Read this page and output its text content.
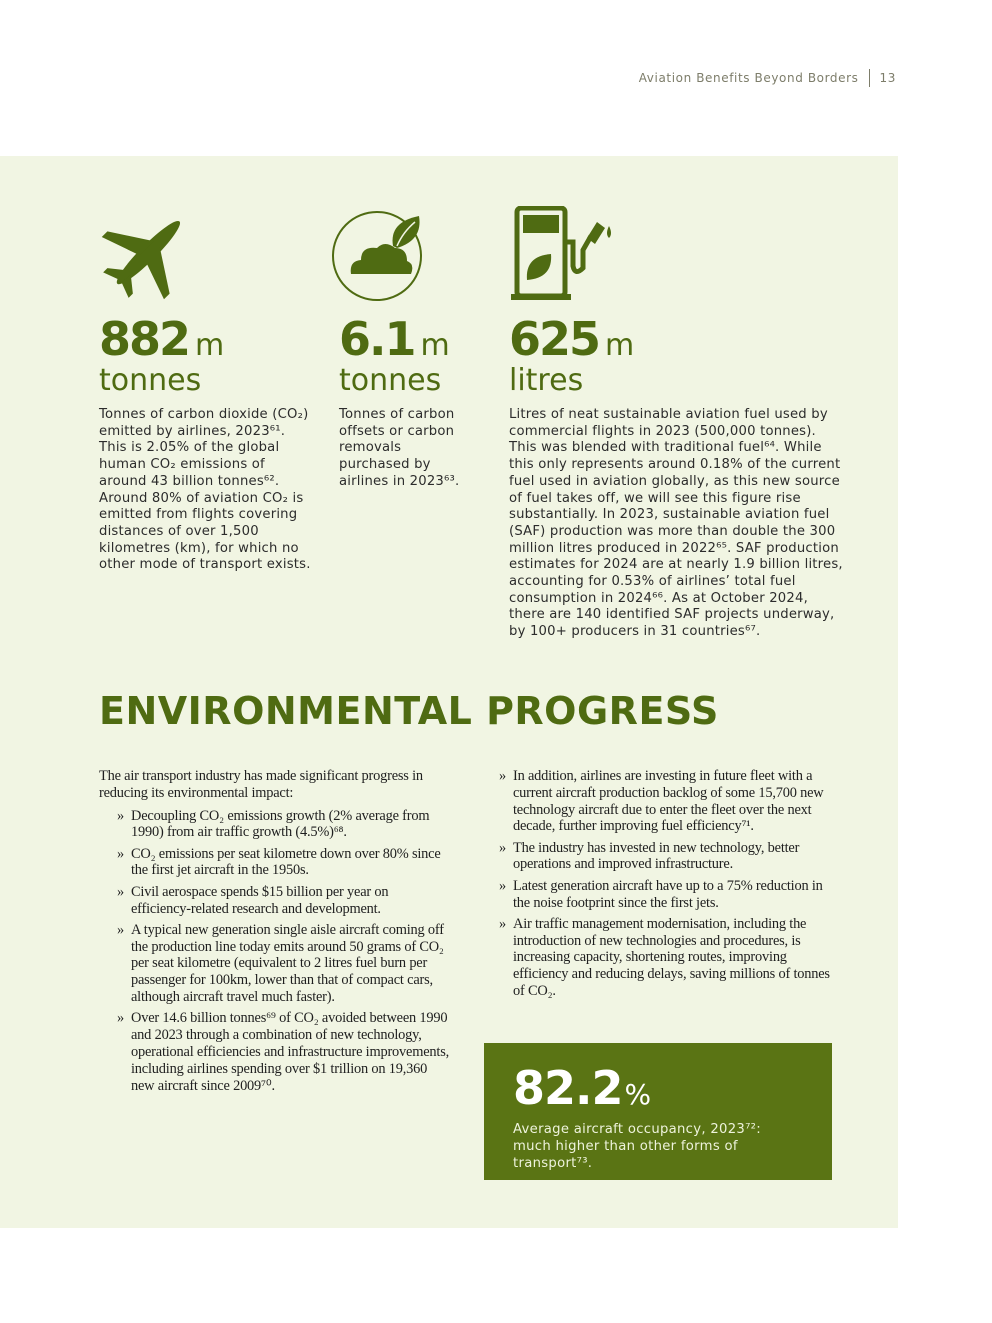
Aviation Benefits Beyond Borders 13
882 m
tonnes
Tonnes of carbon dioxide (CO₂) emitted by airlines, 2023⁶¹. This is 2.05% of the global human CO₂ emissions of around 43 billion tonnes⁶². Around 80% of aviation CO₂ is emitted from flights covering distances of over 1,500 kilometres (km), for which no other mode of transport exists.
6.1 m
tonnes
Tonnes of carbon offsets or carbon removals purchased by airlines in 2023⁶³.
625 m
litres
Litres of neat sustainable aviation fuel used by commercial flights in 2023 (500,000 tonnes). This was blended with traditional fuel⁶⁴. While this only represents around 0.18% of the current fuel used in aviation globally, as this new source of fuel takes off, we will see this figure rise substantially. In 2023, sustainable aviation fuel (SAF) production was more than double the 300 million litres produced in 2022⁶⁵. SAF production estimates for 2024 are at nearly 1.9 billion litres, accounting for 0.53% of airlines’ total fuel consumption in 2024⁶⁶. As at October 2024, there are 140 identified SAF projects underway, by 100+ producers in 31 countries⁶⁷.
ENVIRONMENTAL PROGRESS

The air transport industry has made significant progress in reducing its environmental impact:

» Decoupling CO₂ emissions growth (2% average from 1990) from air traffic growth (4.5%)⁶⁸.
» CO₂ emissions per seat kilometre down over 80% since the first jet aircraft in the 1950s.
» Civil aerospace spends $15 billion per year on efficiency-related research and development.
» A typical new generation single aisle aircraft coming off the production line today emits around 50 grams of CO₂ per seat kilometre (equivalent to 2 litres fuel burn per passenger for 100km, lower than that of compact cars, although aircraft travel much faster).
» Over 14.6 billion tonnes⁶⁹ of CO₂ avoided between 1990 and 2023 through a combination of new technology, operational efficiencies and infrastructure improvements, including airlines spending over $1 trillion on 19,360 new aircraft since 2009⁷⁰.
» In addition, airlines are investing in future fleet with a current aircraft production backlog of some 15,700 new technology aircraft due to enter the fleet over the next decade, further improving fuel efficiency⁷¹.
» The industry has invested in new technology, better operations and improved infrastructure.
» Latest generation aircraft have up to a 75% reduction in the noise footprint since the first jets.
» Air traffic management modernisation, including the introduction of new technologies and procedures, is increasing capacity, shortening routes, improving efficiency and reducing delays, saving millions of tonnes of CO₂.
82.2 %
Average aircraft occupancy, 2023⁷²: much higher than other forms of transport⁷³.
